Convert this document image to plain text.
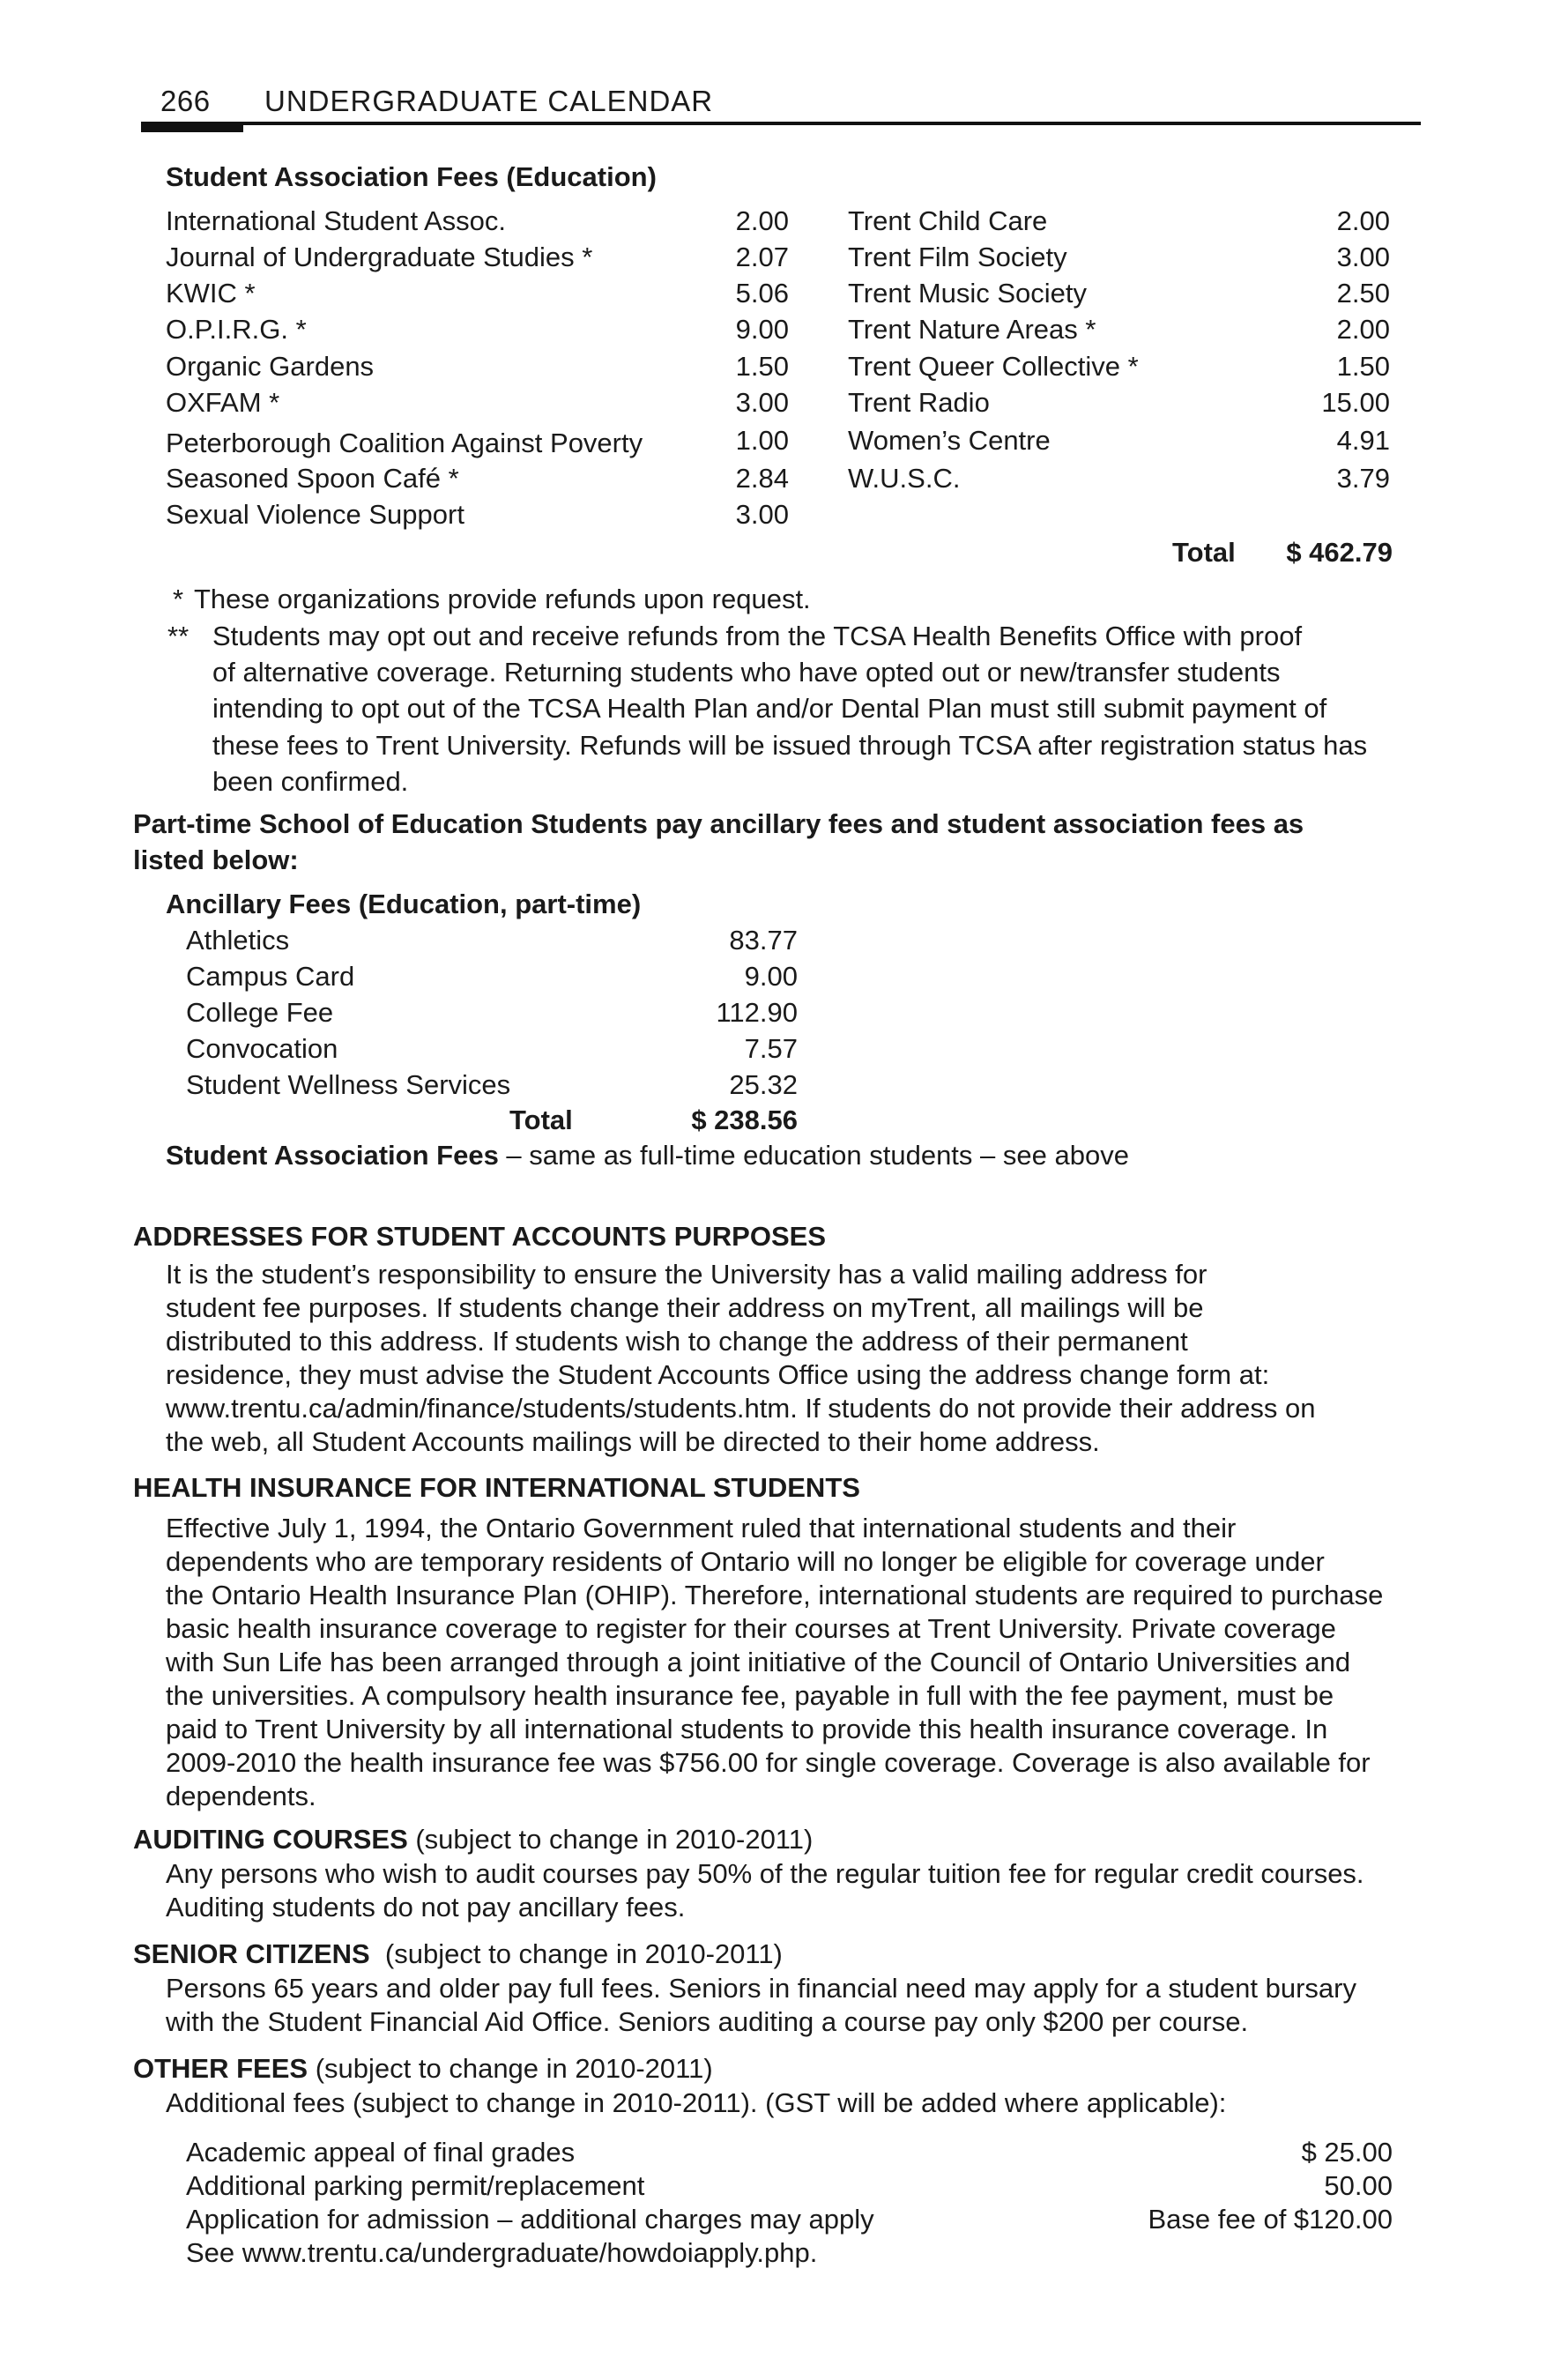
266 UNDERGRADUATE CALENDAR
Student Association Fees (Education)
International Student Assoc.	2.00
Journal of Undergraduate Studies *	2.07
KWIC *	5.06
O.P.I.R.G. *	9.00
Organic Gardens	1.50
OXFAM *	3.00
Peterborough Coalition Against Poverty	1.00
Seasoned Spoon Café *	2.84
Sexual Violence Support	3.00
Trent Child Care	2.00
Trent Film Society	3.00
Trent Music Society	2.50
Trent Nature Areas *	2.00
Trent Queer Collective *	1.50
Trent Radio	15.00
Women’s Centre	4.91
W.U.S.C.	3.79
Total	$ 462.79
* These organizations provide refunds upon request.
** Students may opt out and receive refunds from the TCSA Health Benefits Office with proof
of alternative coverage. Returning students who have opted out or new/transfer students
intending to opt out of the TCSA Health Plan and/or Dental Plan must still submit payment of
these fees to Trent University. Refunds will be issued through TCSA after registration status has
been confirmed.
Part-time School of Education Students pay ancillary fees and student association fees as
listed below:
Ancillary Fees (Education, part-time)
Athletics	83.77
Campus Card	9.00
College Fee	112.90
Convocation	7.57
Student Wellness Services	25.32
Total	$ 238.56
Student Association Fees – same as full-time education students – see above
ADDRESSES FOR STUDENT ACCOUNTS PURPOSES
It is the student’s responsibility to ensure the University has a valid mailing address for
student fee purposes. If students change their address on myTrent, all mailings will be
distributed to this address. If students wish to change the address of their permanent
residence, they must advise the Student Accounts Office using the address change form at:
www.trentu.ca/admin/finance/students/students.htm. If students do not provide their address on
the web, all Student Accounts mailings will be directed to their home address.
HEALTH INSURANCE FOR INTERNATIONAL STUDENTS
Effective July 1, 1994, the Ontario Government ruled that international students and their
dependents who are temporary residents of Ontario will no longer be eligible for coverage under
the Ontario Health Insurance Plan (OHIP). Therefore, international students are required to purchase
basic health insurance coverage to register for their courses at Trent University. Private coverage
with Sun Life has been arranged through a joint initiative of the Council of Ontario Universities and
the universities. A compulsory health insurance fee, payable in full with the fee payment, must be
paid to Trent University by all international students to provide this health insurance coverage. In
2009-2010 the health insurance fee was $756.00 for single coverage. Coverage is also available for
dependents.
AUDITING COURSES (subject to change in 2010-2011)
Any persons who wish to audit courses pay 50% of the regular tuition fee for regular credit courses.
Auditing students do not pay ancillary fees.
SENIOR CITIZENS  (subject to change in 2010-2011)
Persons 65 years and older pay full fees. Seniors in financial need may apply for a student bursary
with the Student Financial Aid Office. Seniors auditing a course pay only $200 per course.
OTHER FEES (subject to change in 2010-2011)
Additional fees (subject to change in 2010-2011). (GST will be added where applicable):
Academic appeal of final grades	$ 25.00
Additional parking permit/replacement	50.00
Application for admission – additional charges may apply	Base fee of $120.00
See www.trentu.ca/undergraduate/howdoiapply.php.
